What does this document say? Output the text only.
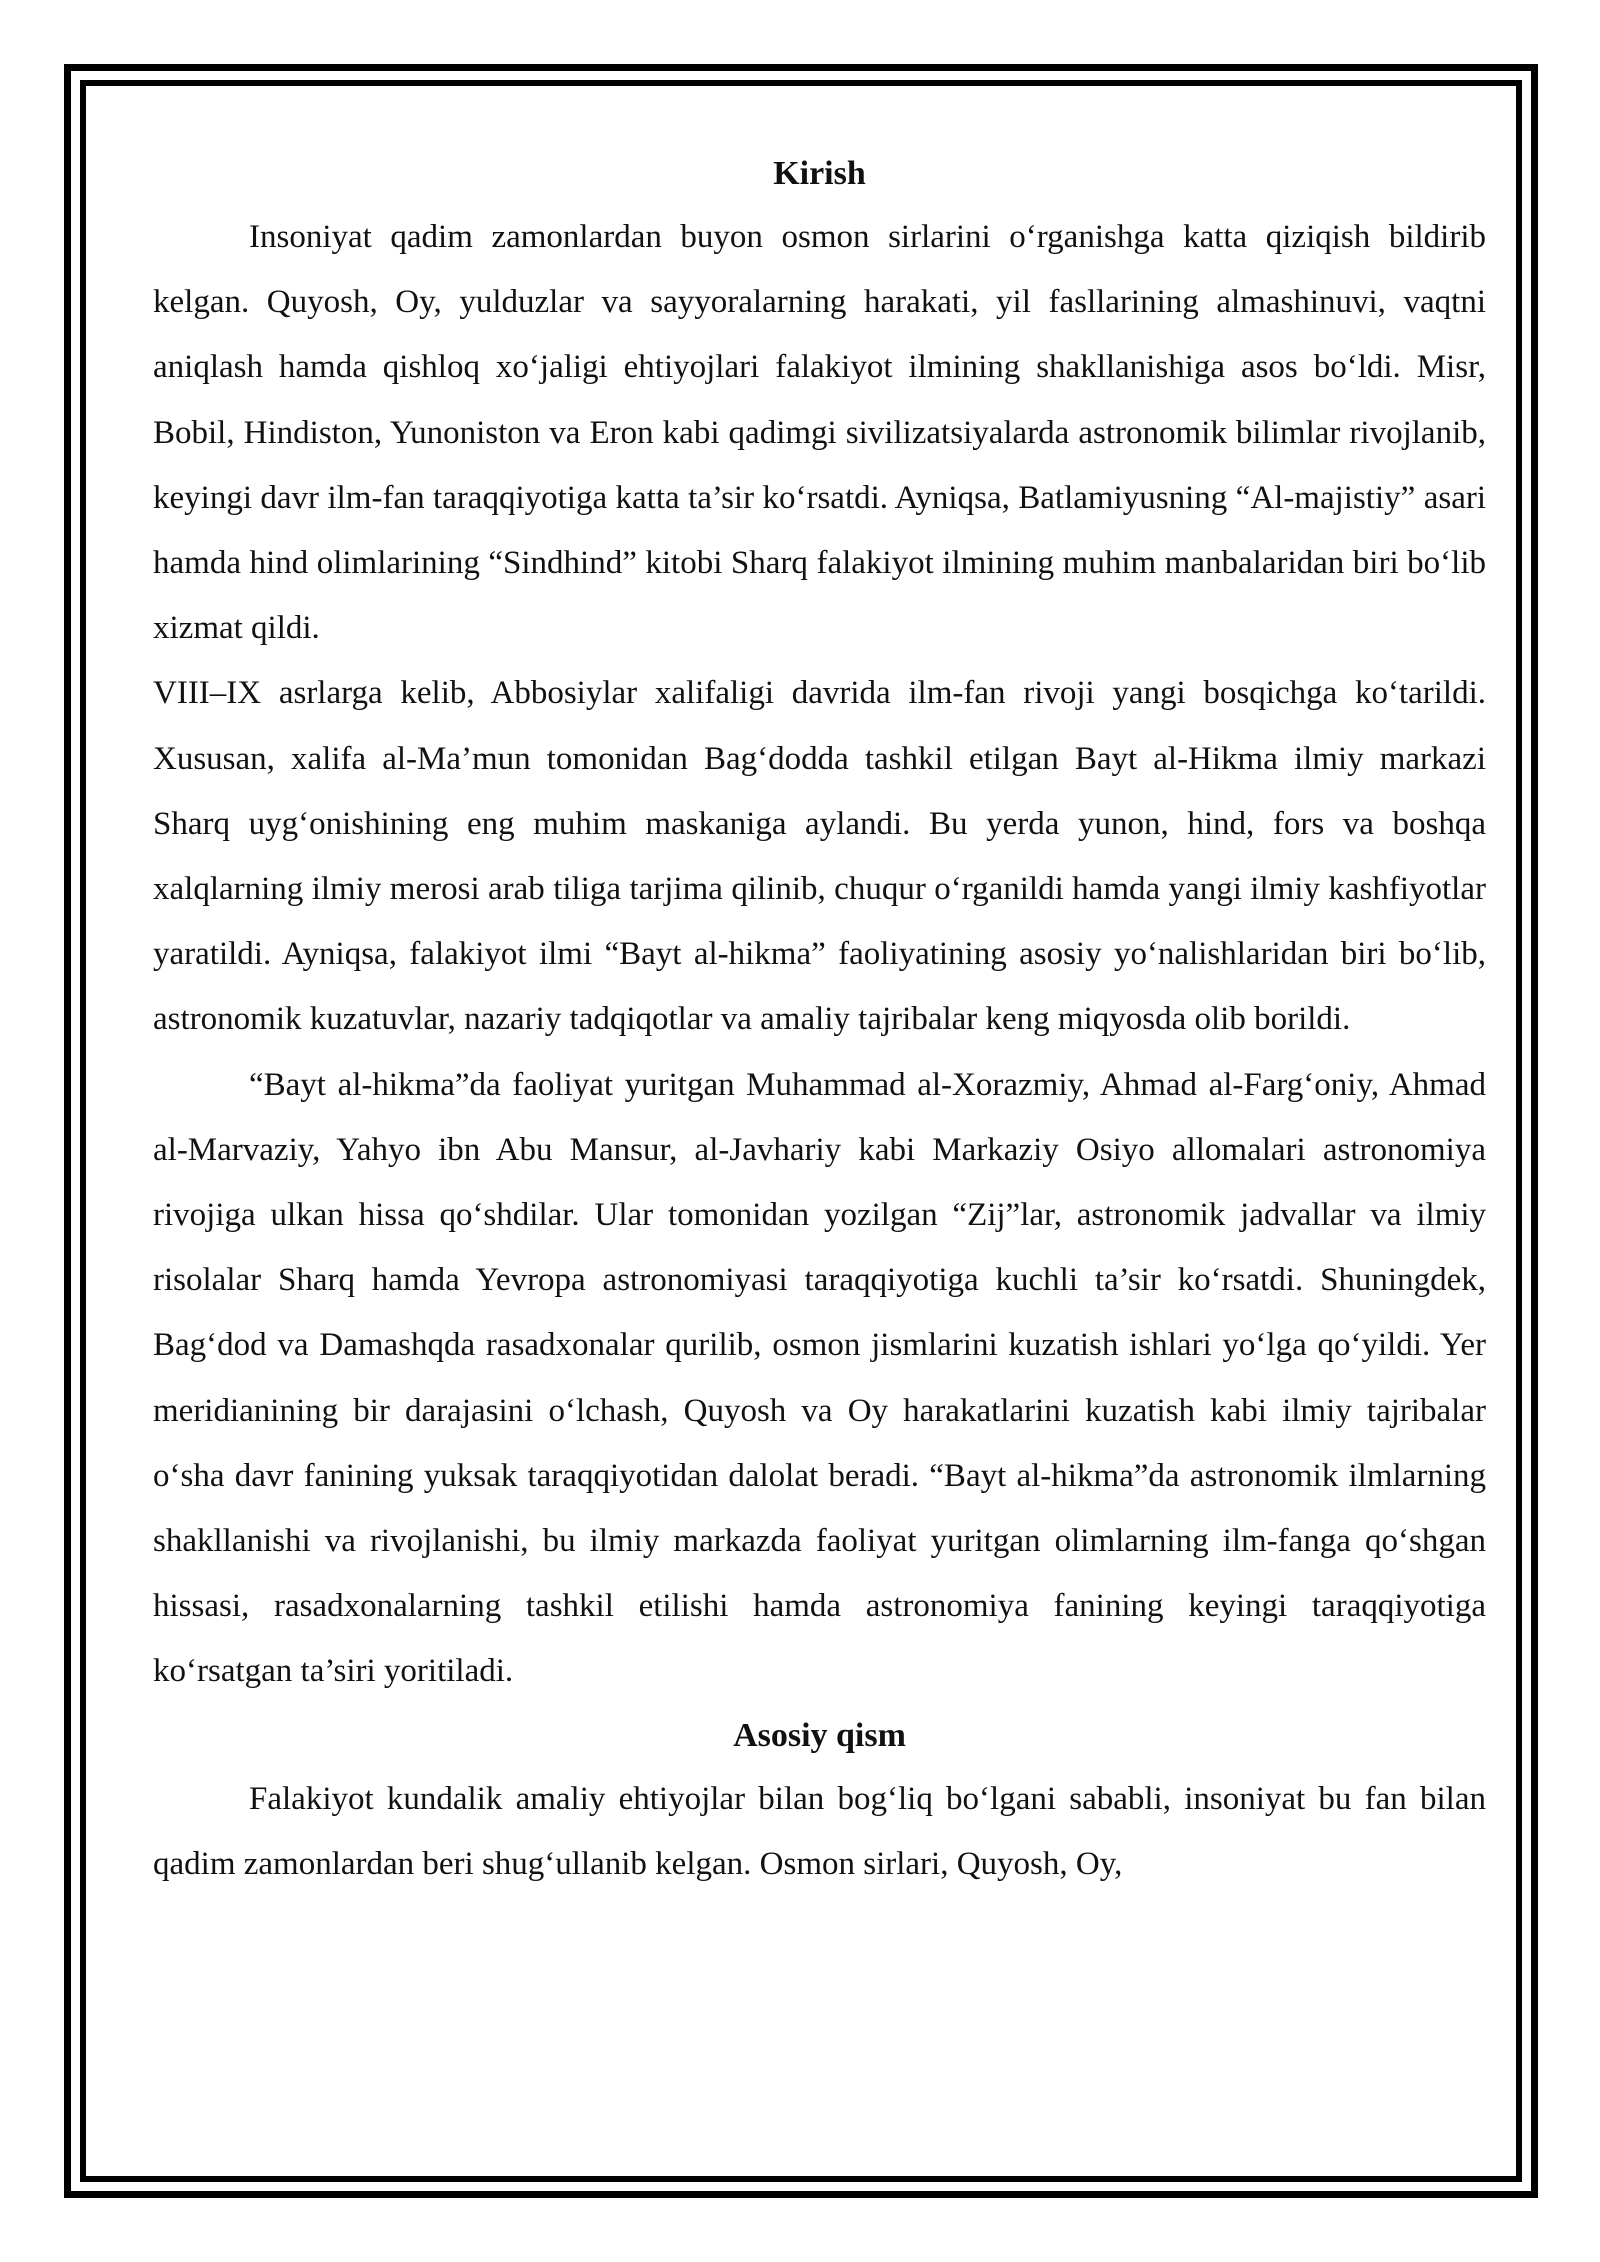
Kirish

Insoniyat qadim zamonlardan buyon osmon sirlarini o‘rganishga katta qiziqish bildirib kelgan. Quyosh, Oy, yulduzlar va sayyoralarning harakati, yil fasllarining almashinuvi, vaqtni aniqlash hamda qishloq xo‘jaligi ehtiyojlari falakiyot ilmining shakllanishiga asos bo‘ldi. Misr, Bobil, Hindiston, Yunoniston va Eron kabi qadimgi sivilizatsiyalarda astronomik bilimlar rivojlanib, keyingi davr ilm-fan taraqqiyotiga katta ta’sir ko‘rsatdi. Ayniqsa, Batlamiyusning “Al-majistiy” asari hamda hind olimlarining “Sindhind” kitobi Sharq falakiyot ilmining muhim manbalaridan biri bo‘lib xizmat qildi.

VIII–IX asrlarga kelib, Abbosiylar xalifaligi davrida ilm-fan rivoji yangi bosqichga ko‘tarildi. Xususan, xalifa al-Ma’mun tomonidan Bag‘dodda tashkil etilgan Bayt al-Hikma ilmiy markazi Sharq uyg‘onishining eng muhim maskaniga aylandi. Bu yerda yunon, hind, fors va boshqa xalqlarning ilmiy merosi arab tiliga tarjima qilinib, chuqur o‘rganildi hamda yangi ilmiy kashfiyotlar yaratildi. Ayniqsa, falakiyot ilmi “Bayt al-hikma” faoliyatining asosiy yo‘nalishlaridan biri bo‘lib, astronomik kuzatuvlar, nazariy tadqiqotlar va amaliy tajribalar keng miqyosda olib borildi.

“Bayt al-hikma”da faoliyat yuritgan Muhammad al-Xorazmiy, Ahmad al-Farg‘oniy, Ahmad al-Marvaziy, Yahyo ibn Abu Mansur, al-Javhariy kabi Markaziy Osiyo allomalari astronomiya rivojiga ulkan hissa qo‘shdilar. Ular tomonidan yozilgan “Zij”lar, astronomik jadvallar va ilmiy risolalar Sharq hamda Yevropa astronomiyasi taraqqiyotiga kuchli ta’sir ko‘rsatdi. Shuningdek, Bag‘dod va Damashqda rasadxonalar qurilib, osmon jismlarini kuzatish ishlari yo‘lga qo‘yildi. Yer meridianining bir darajasini o‘lchash, Quyosh va Oy harakatlarini kuzatish kabi ilmiy tajribalar o‘sha davr fanining yuksak taraqqiyotidan dalolat beradi. “Bayt al-hikma”da astronomik ilmlarning shakllanishi va rivojlanishi, bu ilmiy markazda faoliyat yuritgan olimlarning ilm-fanga qo‘shgan hissasi, rasadxonalarning tashkil etilishi hamda astronomiya fanining keyingi taraqqiyotiga ko‘rsatgan ta’siri yoritiladi.

Asosiy qism

Falakiyot kundalik amaliy ehtiyojlar bilan bog‘liq bo‘lgani sababli, insoniyat bu fan bilan qadim zamonlardan beri shug‘ullanib kelgan. Osmon sirlari, Quyosh, Oy,
